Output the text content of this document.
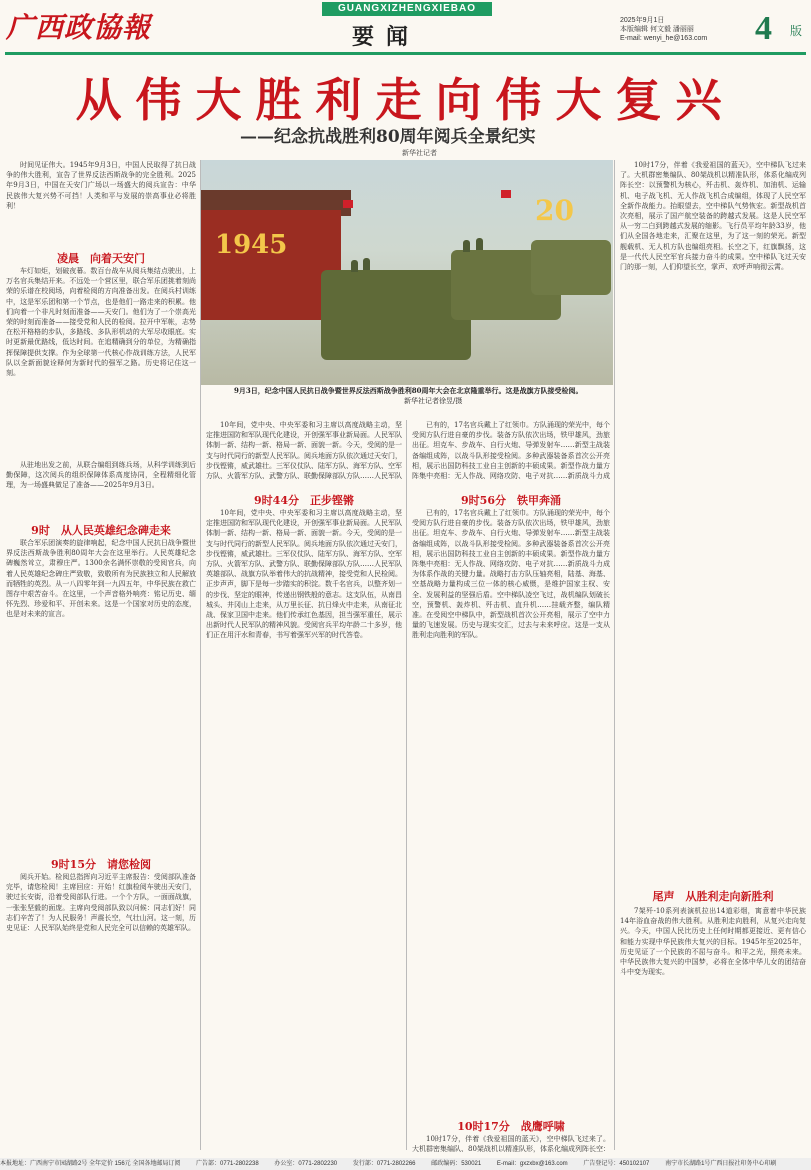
广西政協報
GUANGXIZHENGXIEBAO
要闻
2025年9月1日
本版编辑 何文毅 潘丽丽
E-mail: wenyi_he@163.com 4 版
从伟大胜利走向伟大复兴
——纪念抗战胜利80周年阅兵全景纪实
新华社记者
1945
20
9月3日，纪念中国人民抗日战争暨世界反法西斯战争胜利80周年大会在北京隆重举行。这是战旗方队接受检阅。
新华社记者徐昱/摄

时间见证伟大。1945年9月3日，中国人民取得了抗日战争的伟大胜利，宣告了世界反法西斯战争的完全胜利。2025年9月3日，中国在天安门广场以一场盛大的阅兵宣告：中华民族伟大复兴势不可挡！人类和平与发展的崇高事业必将胜利！

凌晨　向着天安门

车灯如炬，划破夜幕。数百台战车从阅兵集结点驶出，上万名官兵集结开来。不远处一个营区里，联合军乐团挑着刻尚荣的乐谱在校阅场，向着检阅的方向准备出发。在阅兵村训练中，这是军乐团和第一个节点，也是他们一路走来的积累。他们向着一个非凡时刻而准备——天安门。他们为了一个崇高光荣的时刻而准备——接受党和人民的检阅。拉开中军帐，志势在松开格格的步队，多路线、多队形机动的大军尽收眼底。实时更新最优路线，低达时间。在追精确到分的单位，为精确指挥保障提供支撑。作为全球第一代核心作战训练方法，人民军队以全新面貌诠释何为新时代的强军之路。历史将记住这一刻。

从驻地出发之前，从联合编组到练兵场，从科学训练到后勤保障，这次阅兵的组织保障体系高度协同，全程精细化管理，为一场盛典做足了准备——2025年9月3日。

9时　从人民英雄纪念碑走来

联合军乐团演奏的旋律响起，纪念中国人民抗日战争暨世界反法西斯战争胜利80周年大会在这里举行。人民英雄纪念碑巍然耸立，肃穆庄严。1300余名满怀崇敬的受阅官兵，向着人民英雄纪念碑庄严致敬，致敬所有为民族独立和人民解放而牺牲的英烈。从一八四零年到一九四五年，中华民族在救亡图存中艰苦奋斗。在这里，一个声音格外响亮：铭记历史、缅怀先烈、珍爱和平、开创未来。这是一个国家对历史的态度，也是对未来的宣言。

9时15分　请您检阅

阅兵开始。检阅总指挥向习近平主席报告：受阅部队准备完毕，请您检阅！主席回应：开始！红旗检阅车驶出天安门，驶过长安街，沿着受阅部队行进。一个个方队，一面面战旗，一张张坚毅的面庞。主席向受阅部队致以问候：同志们好！同志们辛苦了！为人民服务！声震长空，气壮山河。这一刻，历史见证：人民军队始终是党和人民完全可以信赖的英雄军队。

10年间，党中央、中央军委和习主席以高度战略主动，坚定推进国防和军队现代化建设，开创强军事业新局面。人民军队体制一新、结构一新、格局一新、面貌一新。今天，受阅的是一支与时代同行的新型人民军队。阅兵地面方队依次通过天安门，步伐铿锵，威武雄壮。三军仪仗队、陆军方队、海军方队、空军方队、火箭军方队、武警方队、联勤保障部队方队……人民军队

9时44分　正步铿锵

10年间，党中央、中央军委和习主席以高度战略主动，坚定推进国防和军队现代化建设，开创强军事业新局面。人民军队体制一新、结构一新、格局一新、面貌一新。今天，受阅的是一支与时代同行的新型人民军队。阅兵地面方队依次通过天安门，步伐铿锵，威武雄壮。三军仪仗队、陆军方队、海军方队、空军方队、火箭军方队、武警方队、联勤保障部队方队……人民军队英雄部队、战旗方队举着伟大的抗战精神，接受党和人民检阅。正步声声，脚下是每一步踏实的积淀。数千名官兵，以整齐划一的步伐、坚定的眼神，传递出钢铁般的意志。这支队伍，从南昌城头、井冈山上走来，从万里长征、抗日烽火中走来，从南征北战、保家卫国中走来。他们传承红色基因，担当强军重任，展示出新时代人民军队的精神风貌。受阅官兵平均年龄二十多岁，他们正在用汗水和青春，书写着强军兴军的时代答卷。

已有的，17名官兵戴上了红领巾。方队涌现的荣光中，每个受阅方队行进自豪的步伐。装备方队依次出场，铁甲雄风，劲旅出征。坦克车、步战车、自行火炮、导弹发射车……新型主战装备编组成阵，以战斗队形接受检阅。多种武器装备系首次公开亮相，展示出国防科技工业自主创新的丰硕成果。新型作战力量方阵集中亮相：无人作战、网络攻防、电子对抗……新质战斗力成

9时56分　铁甲奔涌

已有的，17名官兵戴上了红领巾。方队涌现的荣光中，每个受阅方队行进自豪的步伐。装备方队依次出场，铁甲雄风，劲旅出征。坦克车、步战车、自行火炮、导弹发射车……新型主战装备编组成阵，以战斗队形接受检阅。多种武器装备系首次公开亮相，展示出国防科技工业自主创新的丰硕成果。新型作战力量方阵集中亮相：无人作战、网络攻防、电子对抗……新质战斗力成为体系作战的关键力量。战略打击方队压轴亮相，陆基、海基、空基战略力量构成三位一体的核心威慑，是维护国家主权、安全、发展利益的坚强后盾。空中梯队凌空飞过，战机编队划破长空，预警机、轰炸机、歼击机、直升机……挂载齐整，编队精准。在受阅空中梯队中，新型战机首次公开亮相，展示了空中力量的飞速发展。历史与现实交汇，过去与未来呼应。这是一支从胜利走向胜利的军队。

10时17分　战鹰呼啸

10时17分，伴着《我爱祖国的蓝天》，空中梯队飞过来了。大机群密集编队、80架战机以精准队形，体系化编成列阵长空：

10时17分，伴着《我爱祖国的蓝天》，空中梯队飞过来了。大机群密集编队、80架战机以精准队形，体系化编成列阵长空：以预警机为核心，歼击机、轰炸机、加油机、运输机、电子战飞机、无人作战飞机合成编组，体现了人民空军全新作战能力。抬眼望去，空中梯队气势恢宏。新型战机首次亮相，展示了国产航空装备的跨越式发展。这是人民空军从一穷二白到跨越式发展的缩影。飞行员平均年龄33岁，他们从全国各地走来，汇聚在这里，为了这一刻的荣光。新型舰载机、无人机方队也编组亮相。长空之下，红旗飘扬，这是一代代人民空军官兵接力奋斗的成果。空中梯队飞过天安门的那一刻，人们仰望长空，掌声、欢呼声响彻云霄。

尾声　从胜利走向新胜利

7架歼-10系列表演机拉出14道彩烟，寓意着中华民族14年浴血奋战的伟大胜利。从胜利走向胜利，从复兴走向复兴。今天，中国人民比历史上任何时期都更接近、更有信心和能力实现中华民族伟大复兴的目标。1945年至2025年，历史见证了一个民族的不屈与奋斗。和平之光，照亮未来。中华民族伟大复兴的中国梦，必将在全体中华儿女的团结奋斗中变为现实。

本报地址：广西南宁市园湖路2号 全年定价 156元 全国各地邮局订阅	广告部：0771-2802238	办公室：0771-2802230	发行部：0771-2802266	邮政编码：530021	E-mail：gxzxbx@163.com	广告登记号：450102107	南宁市长湖路1号广西日报社印务中心印刷
